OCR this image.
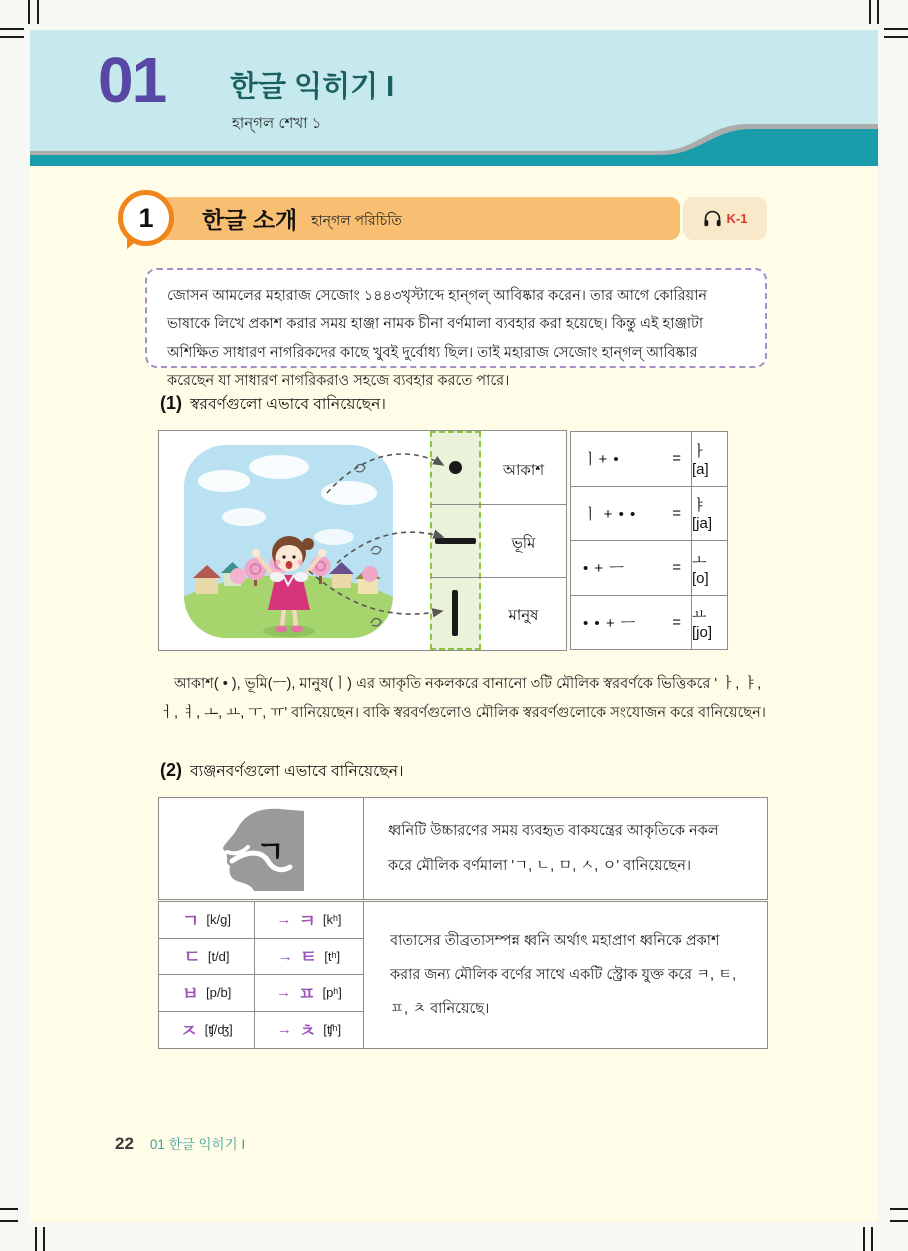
01 한글 익히기 I
হান্গল শেখা ১
한글 소개 হান্গল পরিচিতি
1	K-1
জোসন আমলের মহারাজ সেজোং ১৪৪৩খৃস্টাব্দে হান্গল্ আবিষ্কার করেন। তার আগে কোরিয়ান ভাষাকে লিখে প্রকাশ করার সময় হাঞ্জা নামক চীনা বর্ণমালা ব্যবহার করা হয়েছে। কিন্তু এই হাঞ্জাটা অশিক্ষিত সাধারণ নাগরিকদের কাছে খুবই দুর্বোধ্য ছিল। তাই মহারাজ সেজোং হান্গল্ আবিষ্কার করেছেন যা সাধারণ নাগরিকরাও সহজে ব্যবহার করতে পারে।
(1) স্বরবর্ণগুলো এভাবে বানিয়েছেন।
আকাশ
ভূমি
মানুষ
ㅣ+ •	= ㅏ [a]
ㅣ + • • = ㅑ [ja]
• + ㅡ	= ㅗ [o]
• • + ㅡ = ㅛ [jo]
আকাশ( • ), ভূমি(ㅡ), মানুষ(ㅣ) এর আকৃতি নকলকরে বানানো ৩টি মৌলিক স্বরবর্ণকে ভিত্তিকরে ' ㅏ, ㅑ, ㅓ, ㅕ, ㅗ, ㅛ, ㅜ, ㅠ' বানিয়েছেন। বাকি স্বরবর্ণগুলোও মৌলিক স্বরবর্ণগুলোকে সংযোজন করে বানিয়েছেন।
(2) ব্যঞ্জনবর্ণগুলো এভাবে বানিয়েছেন।
ㄱ
ধ্বনিটি উচ্চারণের সময় ব্যবহৃত বাকযন্ত্রের আকৃতিকে নকল করে মৌলিক বর্ণমালা 'ㄱ, ㄴ, ㅁ, ㅅ, ㅇ' বানিয়েছেন।
ㄱ [k/g]	→ ㅋ [kʰ]
ㄷ [t/d]	→ ㅌ [tʰ]
ㅂ [p/b]	→ ㅍ [pʰ]
ㅈ [ʧ/ʤ]	→ ㅊ [ʧʰ]
বাতাসের তীব্রতাসম্পন্ন ধ্বনি অর্থাৎ মহাপ্রাণ ধ্বনিকে প্রকাশ করার জন্য মৌলিক বর্ণের সাথে একটি স্ট্রোক যুক্ত করে ㅋ, ㅌ, ㅍ, ㅊ বানিয়েছে।
22 01 한글 익히기 I
